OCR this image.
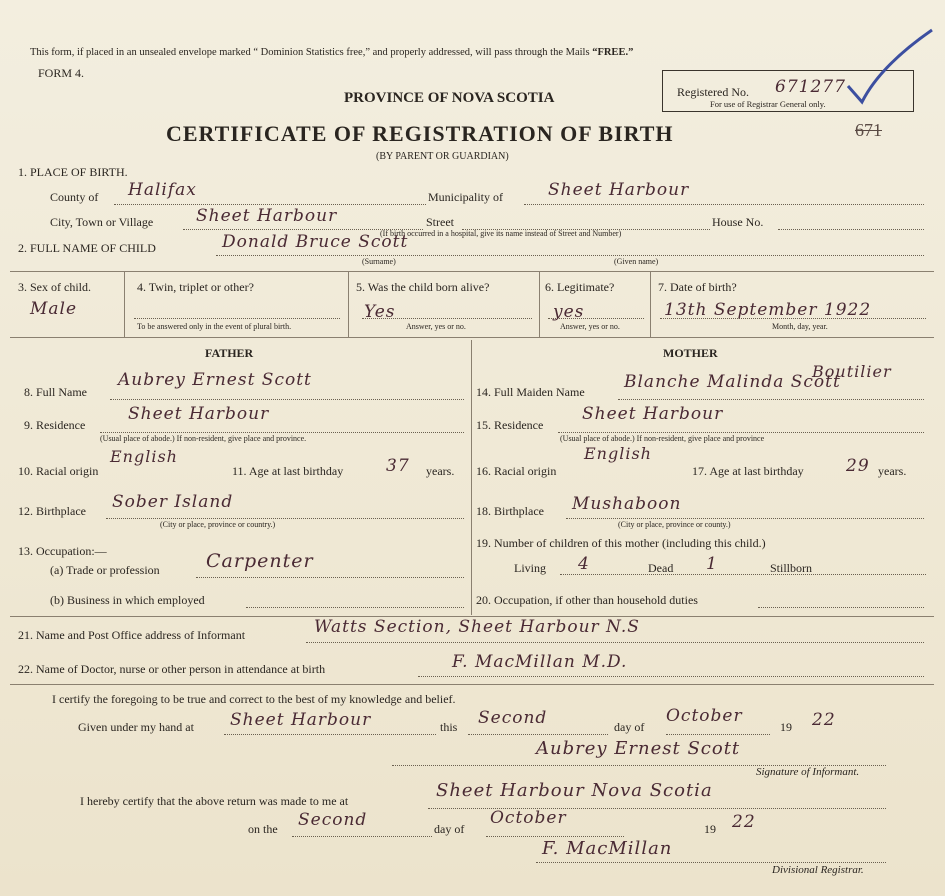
This form, if placed in an unsealed envelope marked “ Dominion Statistics free,” and properly addressed, will pass through the Mails “FREE.”
FORM 4.
Registered No. 671277
For use of Registrar General only.
PROVINCE OF NOVA SCOTIA
CERTIFICATE OF REGISTRATION OF BIRTH
(BY PARENT OR GUARDIAN)
671
1. PLACE OF BIRTH.
County of Halifax	Municipality of	Sheet Harbour
City, Town or Village	Sheet Harbour	Street	House No.
(If birth occurred in a hospital, give its name instead of Street and Number)
2. FULL NAME OF CHILD	Donald Bruce Scott
(Surname)	(Given name)
3. Sex of child.
Male
4. Twin, triplet or other?
To be answered only in the event of plural birth.
5. Was the child born alive?
Yes
Answer, yes or no.
6. Legitimate?
yes
Answer, yes or no.
7. Date of birth?
13th September 1922
Month, day, year.
FATHER	MOTHER
8. Full Name
Aubrey Ernest Scott
9. Residence
Sheet Harbour
(Usual place of abode.) If non-resident, give place and province.
10. Racial origin
English
11. Age at last birthday	37 years.
12. Birthplace Sober Island
(City or place, province or country.)
13. Occupation:—
(a) Trade or profession Carpenter
(b) Business in which employed
14. Full Maiden Name Blanche Malinda Scott
Boutilier
15. Residence
Sheet Harbour
(Usual place of abode.) If non-resident, give place and province
16. Racial origin
English
17. Age at last birthday 29 years.
18. Birthplace Mushaboon
(City or place, province or county.)
19. Number of children of this mother (including this child.)
Living 4	Dead 1	Stillborn
20. Occupation, if other than household duties
21. Name and Post Office address of Informant	Watts Section, Sheet Harbour N.S
22. Name of Doctor, nurse or other person in attendance at birth	F. MacMillan M.D.
I certify the foregoing to be true and correct to the best of my knowledge and belief.
Given under my hand at Sheet Harbour	this Second	day of
October
19 22
Aubrey Ernest Scott
Signature of Informant.
I hereby certify that the above return was made to me at	Sheet Harbour Nova Scotia
on the Second	day of
October
19 22
F. MacMillan
Divisional Registrar.
